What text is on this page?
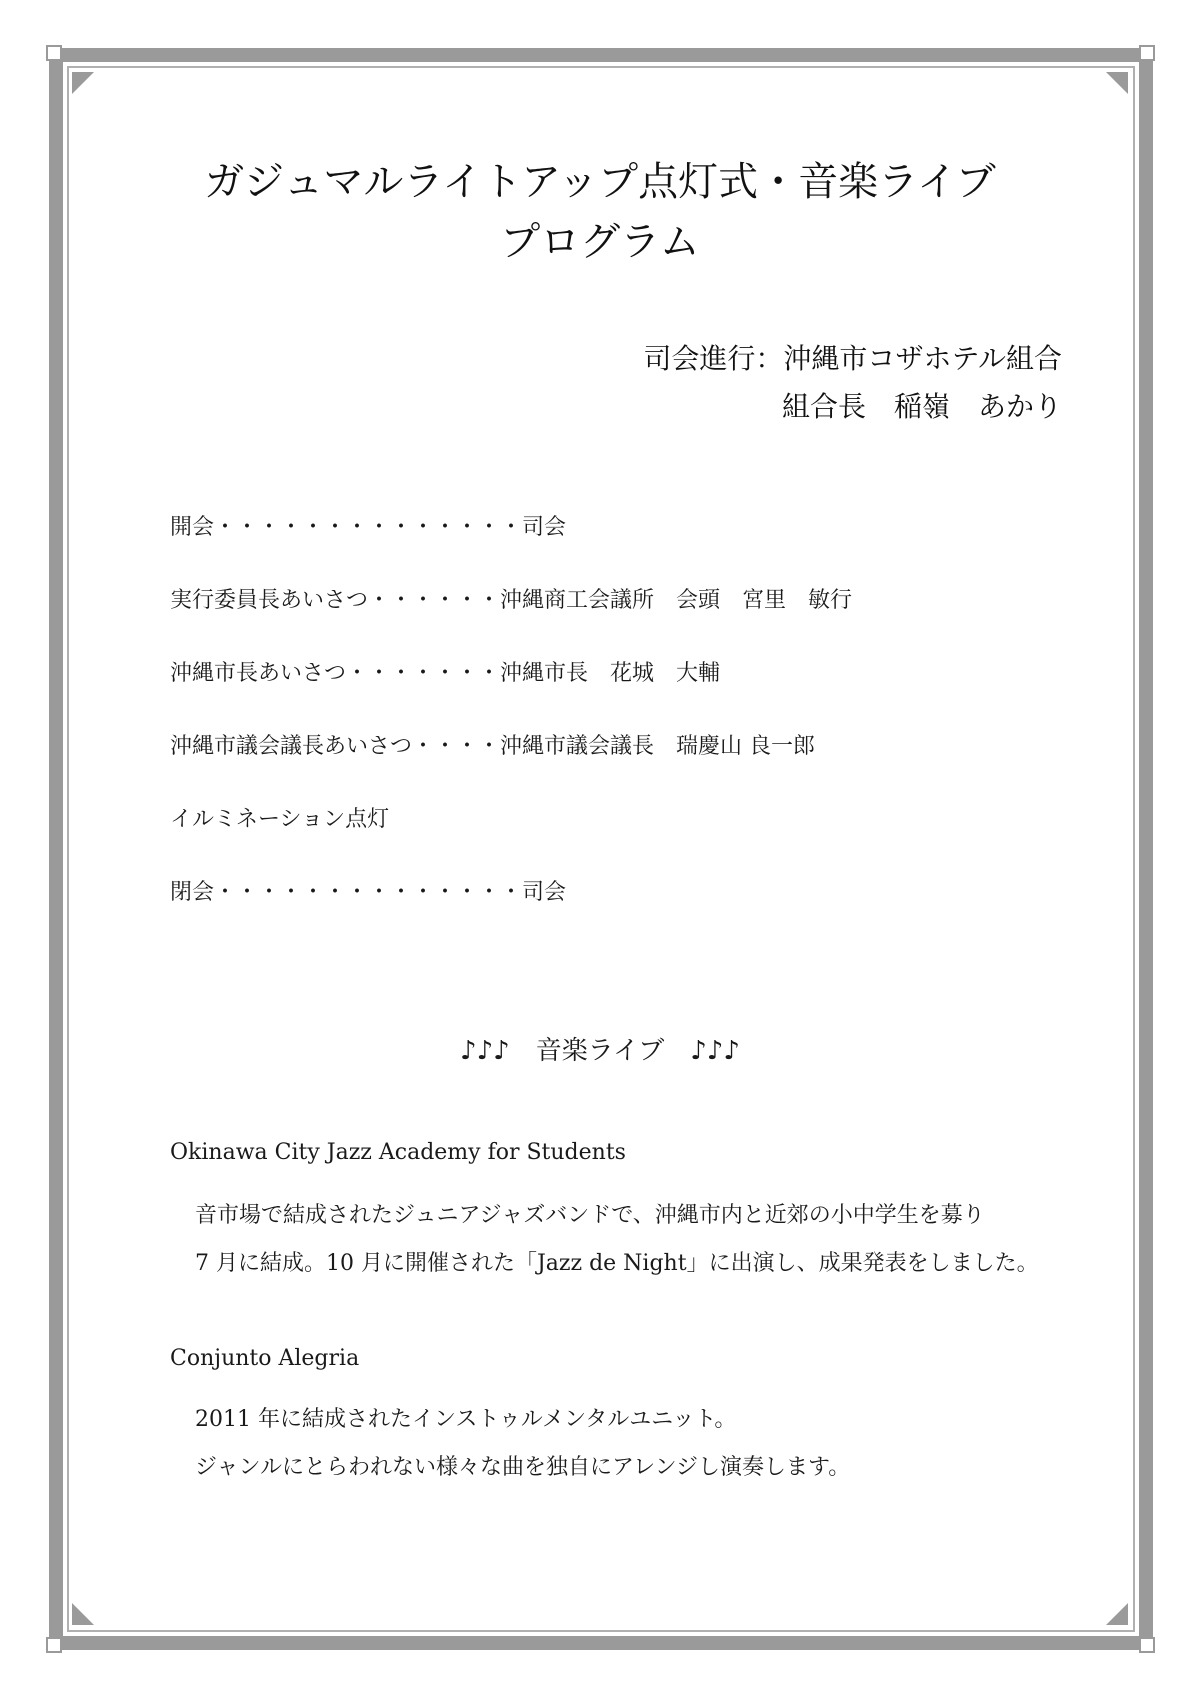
ガジュマルライトアップ点灯式・音楽ライブ
プログラム
司会進行：沖縄市コザホテル組合
組合長　稲嶺　あかり
開会・・・・・・・・・・・・・・司会
実行委員長あいさつ・・・・・・沖縄商工会議所　会頭　宮里　敏行
沖縄市長あいさつ・・・・・・・沖縄市長　花城　大輔
沖縄市議会議長あいさつ・・・・沖縄市議会議長　瑞慶山 良一郎
イルミネーション点灯
閉会・・・・・・・・・・・・・・司会
♪♪♪　音楽ライブ　♪♪♪
Okinawa City Jazz Academy for Students
音市場で結成されたジュニアジャズバンドで、沖縄市内と近郊の小中学生を募り
7 月に結成。10 月に開催された「Jazz de Night」に出演し、成果発表をしました。
Conjunto Alegria
2011 年に結成されたインストゥルメンタルユニット。
ジャンルにとらわれない様々な曲を独自にアレンジし演奏します。
